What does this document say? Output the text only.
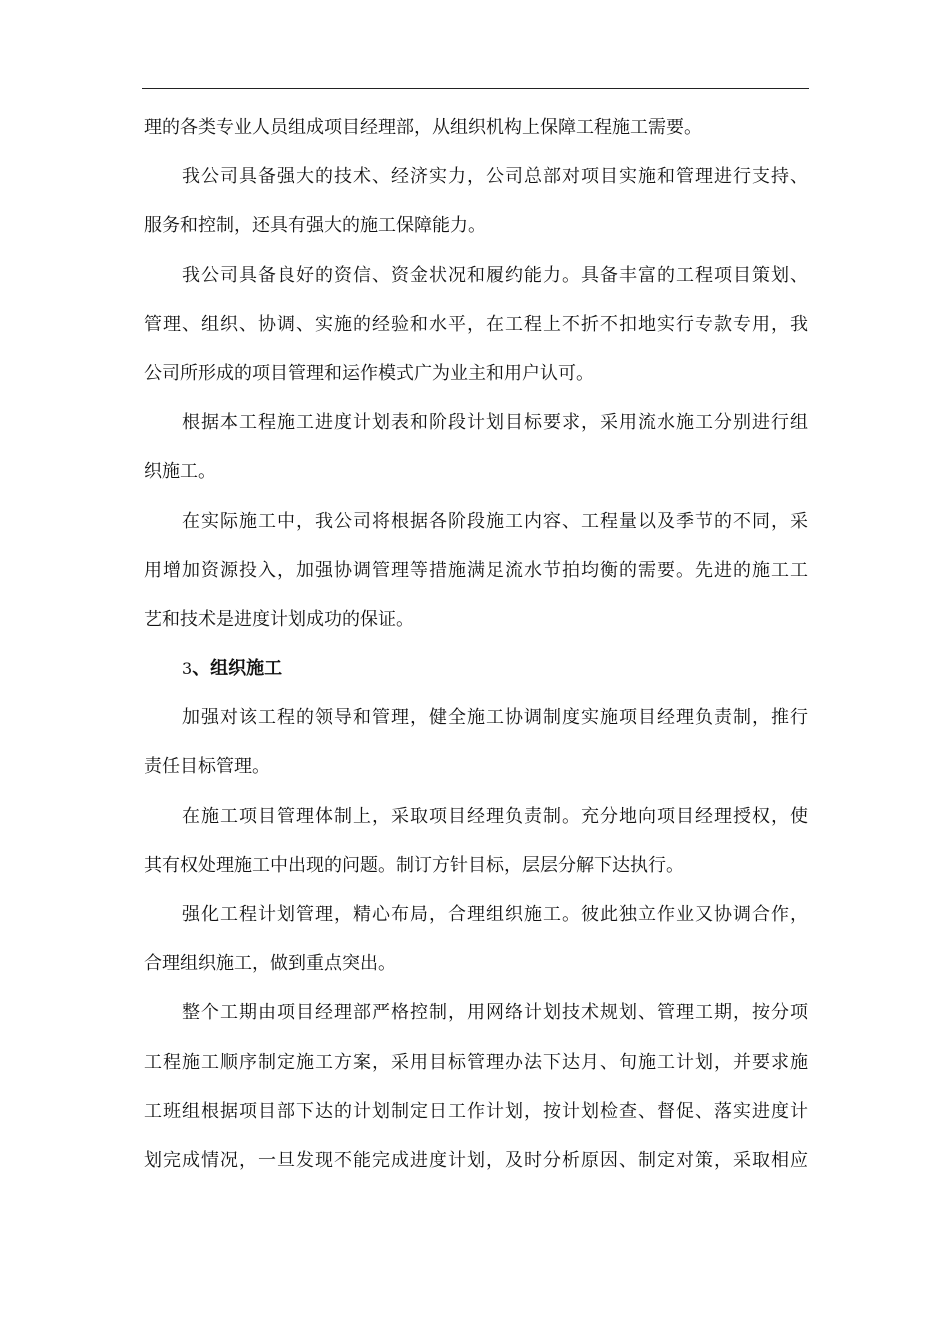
理的各类专业人员组成项目经理部，从组织机构上保障工程施工需要。
我公司具备强大的技术、经济实力，公司总部对项目实施和管理进行支持、
服务和控制，还具有强大的施工保障能力。
我公司具备良好的资信、资金状况和履约能力。具备丰富的工程项目策划、
管理、组织、协调、实施的经验和水平，在工程上不折不扣地实行专款专用，我
公司所形成的项目管理和运作模式广为业主和用户认可。
根据本工程施工进度计划表和阶段计划目标要求，采用流水施工分别进行组
织施工。
在实际施工中，我公司将根据各阶段施工内容、工程量以及季节的不同，采
用增加资源投入，加强协调管理等措施满足流水节拍均衡的需要。先进的施工工
艺和技术是进度计划成功的保证。
3、组织施工
加强对该工程的领导和管理，健全施工协调制度实施项目经理负责制，推行
责任目标管理。
在施工项目管理体制上，采取项目经理负责制。充分地向项目经理授权，使
其有权处理施工中出现的问题。制订方针目标，层层分解下达执行。
强化工程计划管理，精心布局，合理组织施工。彼此独立作业又协调合作，
合理组织施工，做到重点突出。
整个工期由项目经理部严格控制，用网络计划技术规划、管理工期，按分项
工程施工顺序制定施工方案，采用目标管理办法下达月、旬施工计划，并要求施
工班组根据项目部下达的计划制定日工作计划，按计划检查、督促、落实进度计
划完成情况，一旦发现不能完成进度计划，及时分析原因、制定对策，采取相应
